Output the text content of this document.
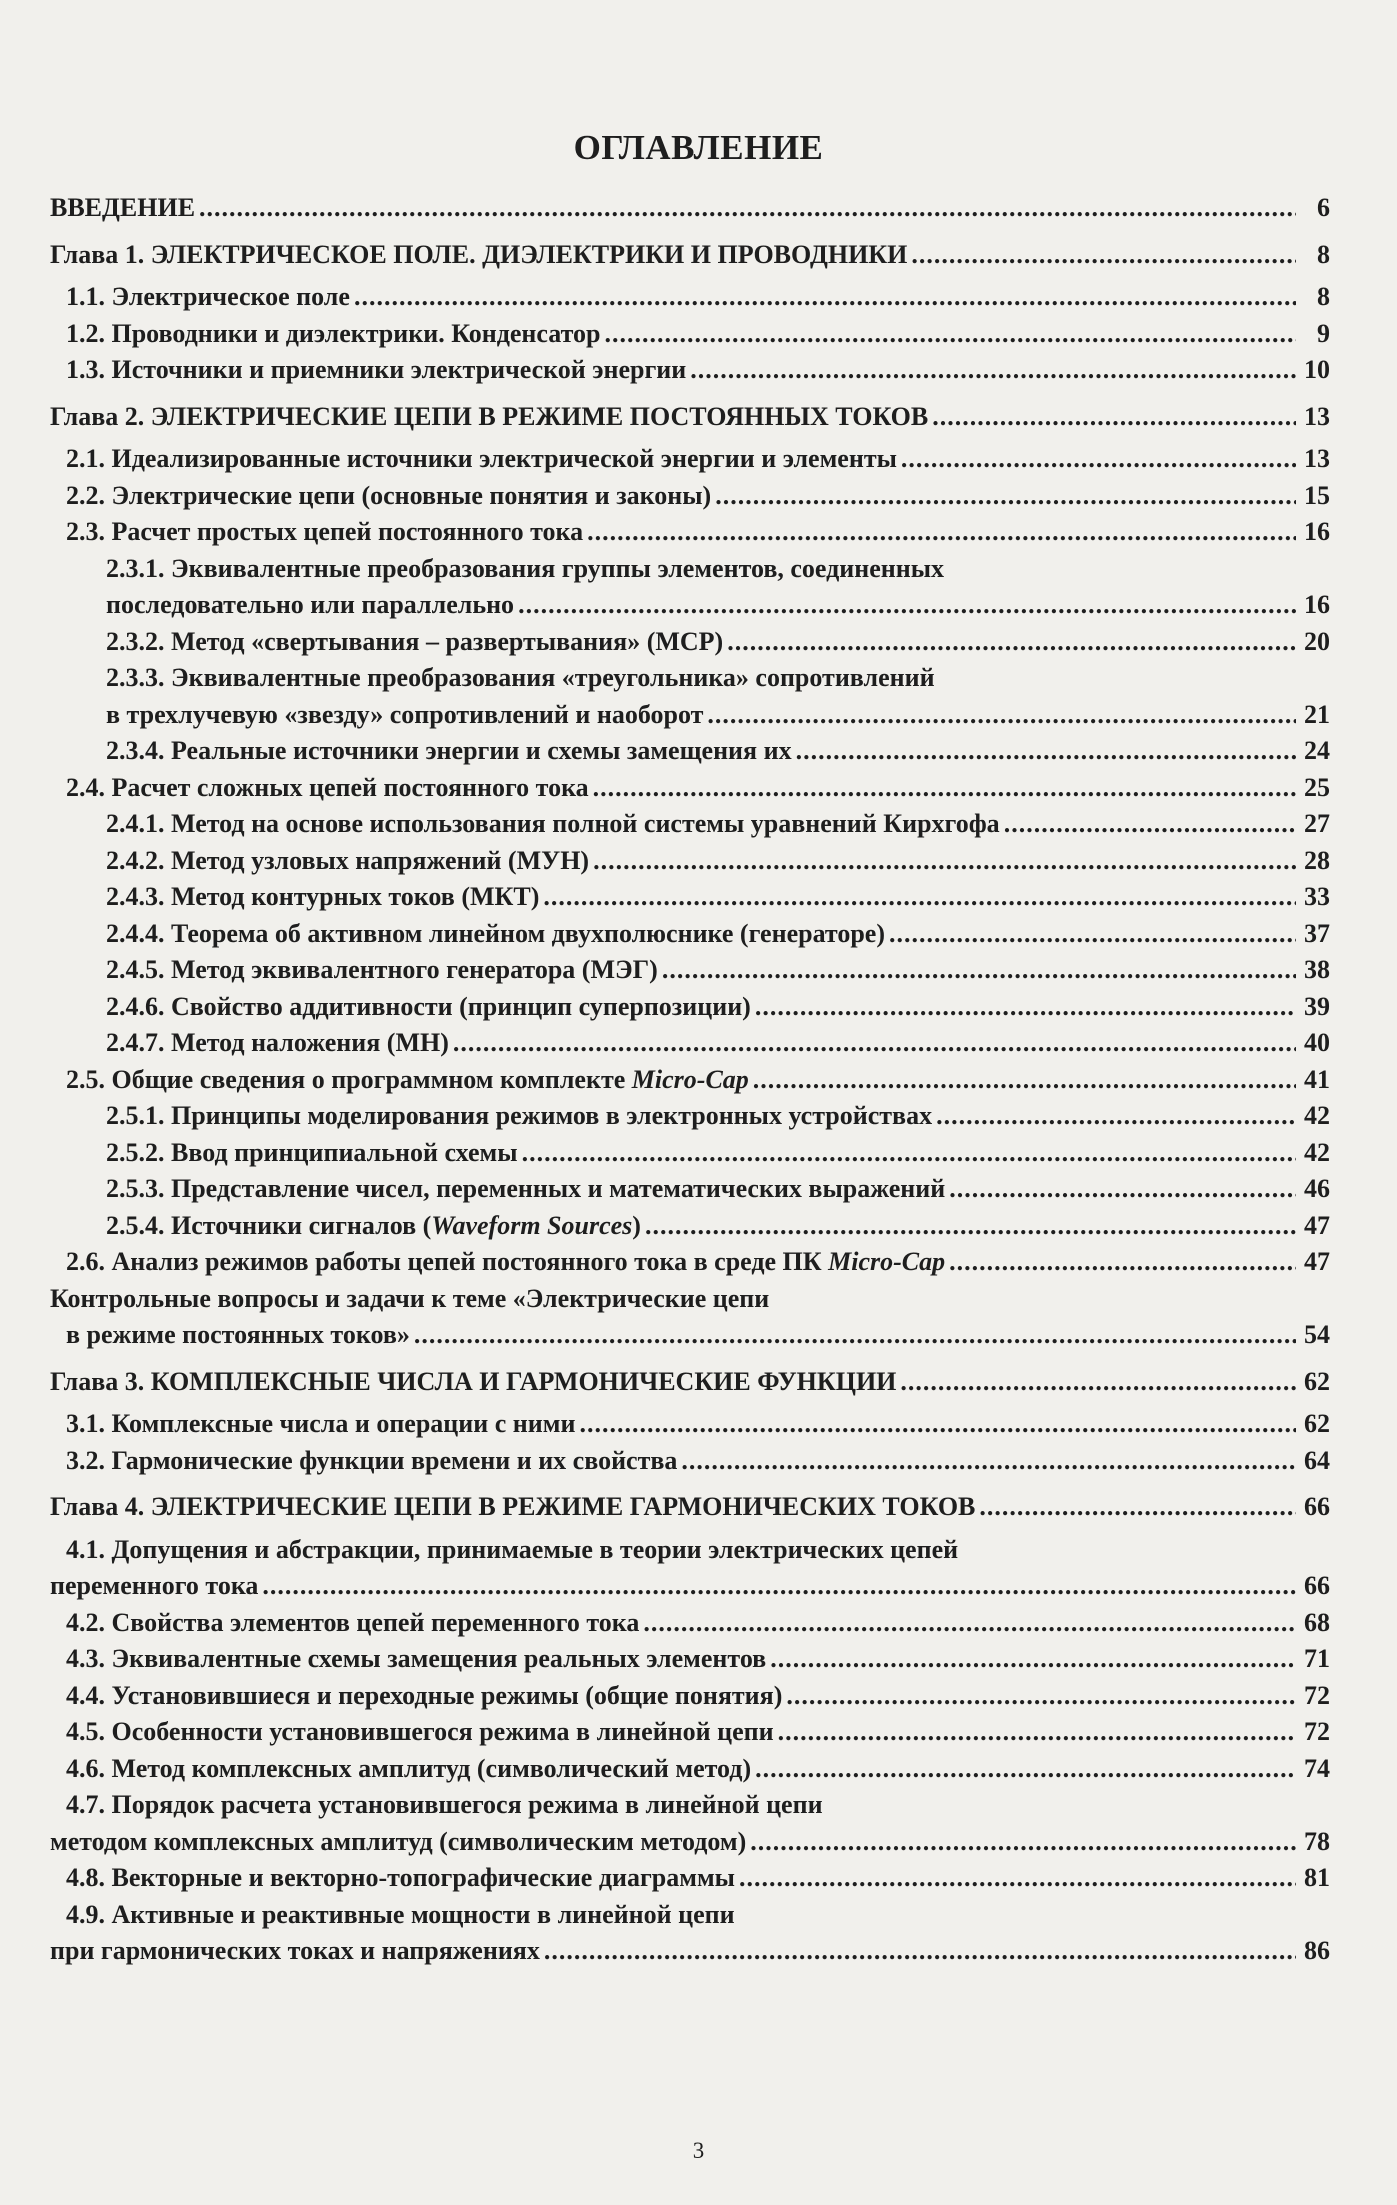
ОГЛАВЛЕНИЕ
ВВЕДЕНИЕ .....	6
Глава 1. ЭЛЕКТРИЧЕСКОЕ ПОЛЕ. ДИЭЛЕКТРИКИ И ПРОВОДНИКИ .....	8
1.1. Электрическое поле .....	8
1.2. Проводники и диэлектрики. Конденсатор .....	9
1.3. Источники и приемники электрической энергии .....	10
Глава 2. ЭЛЕКТРИЧЕСКИЕ ЦЕПИ В РЕЖИМЕ ПОСТОЯННЫХ ТОКОВ .....	13
2.1. Идеализированные источники электрической энергии и элементы .....	13
2.2. Электрические цепи (основные понятия и законы) .....	15
2.3. Расчет простых цепей постоянного тока .....	16
2.3.1. Эквивалентные преобразования группы элементов, соединенных
последовательно или параллельно .....	16
2.3.2. Метод «свертывания – развертывания» (МСР) .....	20
2.3.3. Эквивалентные преобразования «треугольника» сопротивлений
в трехлучевую «звезду» сопротивлений и наоборот .....	21
2.3.4. Реальные источники энергии и схемы замещения их .....	24
2.4. Расчет сложных цепей постоянного тока .....	25
2.4.1. Метод на основе использования полной системы уравнений Кирхгофа .....	27
2.4.2. Метод узловых напряжений (МУН) .....	28
2.4.3. Метод контурных токов (МКТ) .....	33
2.4.4. Теорема об активном линейном двухполюснике (генераторе) .....	37
2.4.5. Метод эквивалентного генератора (МЭГ) .....	38
2.4.6. Свойство аддитивности (принцип суперпозиции) .....	39
2.4.7. Метод наложения (МН) .....	40
2.5. Общие сведения о программном комплекте Micro-Cap .....	41
2.5.1. Принципы моделирования режимов в электронных устройствах .....	42
2.5.2. Ввод принципиальной схемы .....	42
2.5.3. Представление чисел, переменных и математических выражений .....	46
2.5.4. Источники сигналов (Waveform Sources) .....	47
2.6. Анализ режимов работы цепей постоянного тока в среде ПК Micro-Cap .....	47
Контрольные вопросы и задачи к теме «Электрические цепи
в режиме постоянных токов» .....	54
Глава 3. КОМПЛЕКСНЫЕ ЧИСЛА И ГАРМОНИЧЕСКИЕ ФУНКЦИИ .....	62
3.1. Комплексные числа и операции с ними .....	62
3.2. Гармонические функции времени и их свойства .....	64
Глава 4. ЭЛЕКТРИЧЕСКИЕ ЦЕПИ В РЕЖИМЕ ГАРМОНИЧЕСКИХ ТОКОВ .....	66
4.1. Допущения и абстракции, принимаемые в теории электрических цепей
переменного тока .....	66
4.2. Свойства элементов цепей переменного тока .....	68
4.3. Эквивалентные схемы замещения реальных элементов .....	71
4.4. Установившиеся и переходные режимы (общие понятия) .....	72
4.5. Особенности установившегося режима в линейной цепи .....	72
4.6. Метод комплексных амплитуд (символический метод) .....	74
4.7. Порядок расчета установившегося режима в линейной цепи
методом комплексных амплитуд (символическим методом) .....	78
4.8. Векторные и векторно-топографические диаграммы .....	81
4.9. Активные и реактивные мощности в линейной цепи
при гармонических токах и напряжениях .....	86
3
